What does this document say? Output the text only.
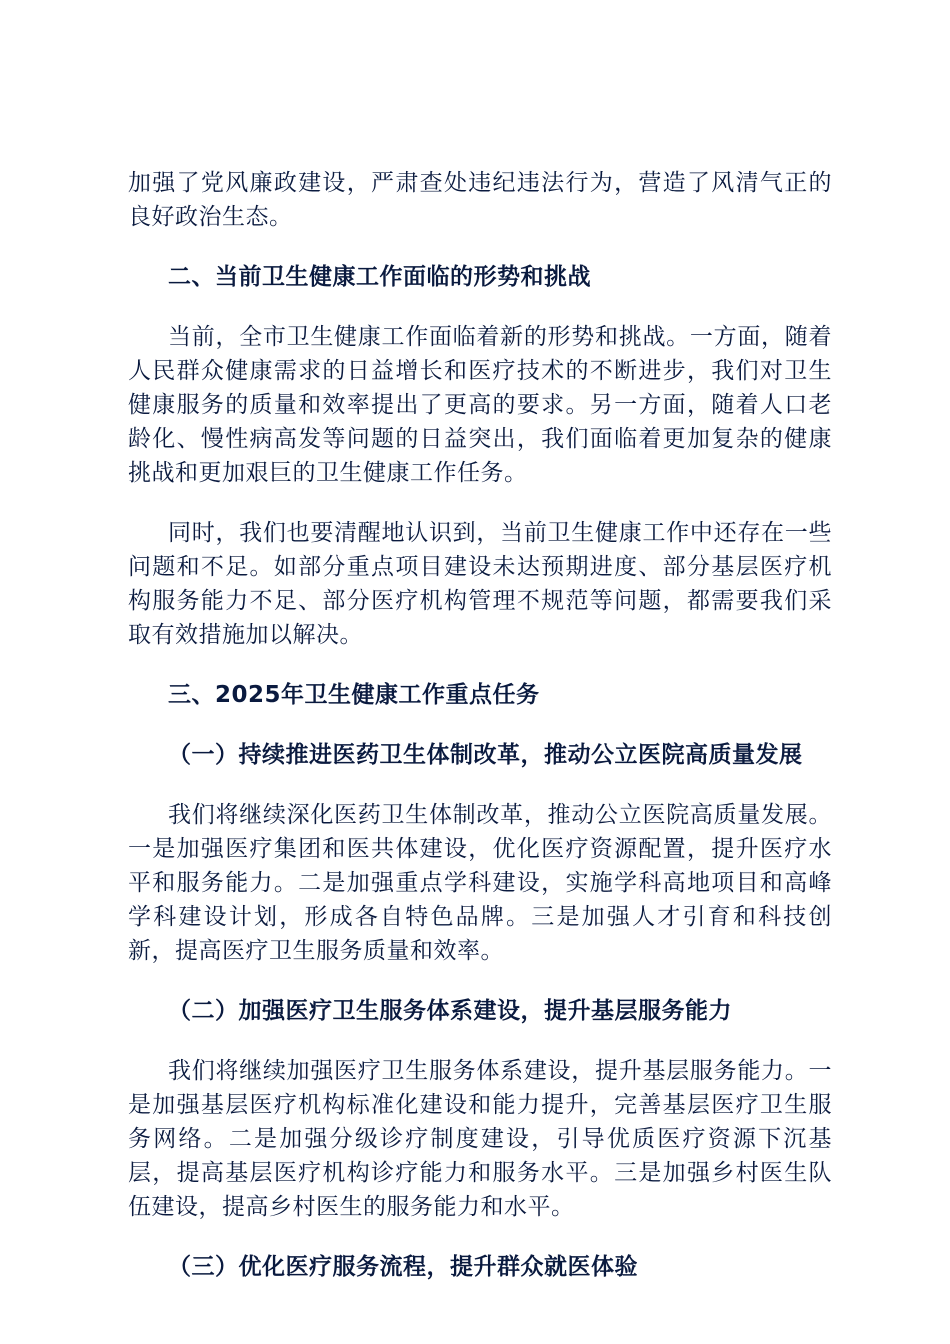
加强了党风廉政建设，严肃查处违纪违法行为，营造了风清气正的良好政治生态。

二、当前卫生健康工作面临的形势和挑战

当前，全市卫生健康工作面临着新的形势和挑战。一方面，随着人民群众健康需求的日益增长和医疗技术的不断进步，我们对卫生健康服务的质量和效率提出了更高的要求。另一方面，随着人口老龄化、慢性病高发等问题的日益突出，我们面临着更加复杂的健康挑战和更加艰巨的卫生健康工作任务。

同时，我们也要清醒地认识到，当前卫生健康工作中还存在一些问题和不足。如部分重点项目建设未达预期进度、部分基层医疗机构服务能力不足、部分医疗机构管理不规范等问题，都需要我们采取有效措施加以解决。

三、2025年卫生健康工作重点任务

（一）持续推进医药卫生体制改革，推动公立医院高质量发展

我们将继续深化医药卫生体制改革，推动公立医院高质量发展。一是加强医疗集团和医共体建设，优化医疗资源配置，提升医疗水平和服务能力。二是加强重点学科建设，实施学科高地项目和高峰学科建设计划，形成各自特色品牌。三是加强人才引育和科技创新，提高医疗卫生服务质量和效率。

（二）加强医疗卫生服务体系建设，提升基层服务能力

我们将继续加强医疗卫生服务体系建设，提升基层服务能力。一是加强基层医疗机构标准化建设和能力提升，完善基层医疗卫生服务网络。二是加强分级诊疗制度建设，引导优质医疗资源下沉基层，提高基层医疗机构诊疗能力和服务水平。三是加强乡村医生队伍建设，提高乡村医生的服务能力和水平。

（三）优化医疗服务流程，提升群众就医体验
